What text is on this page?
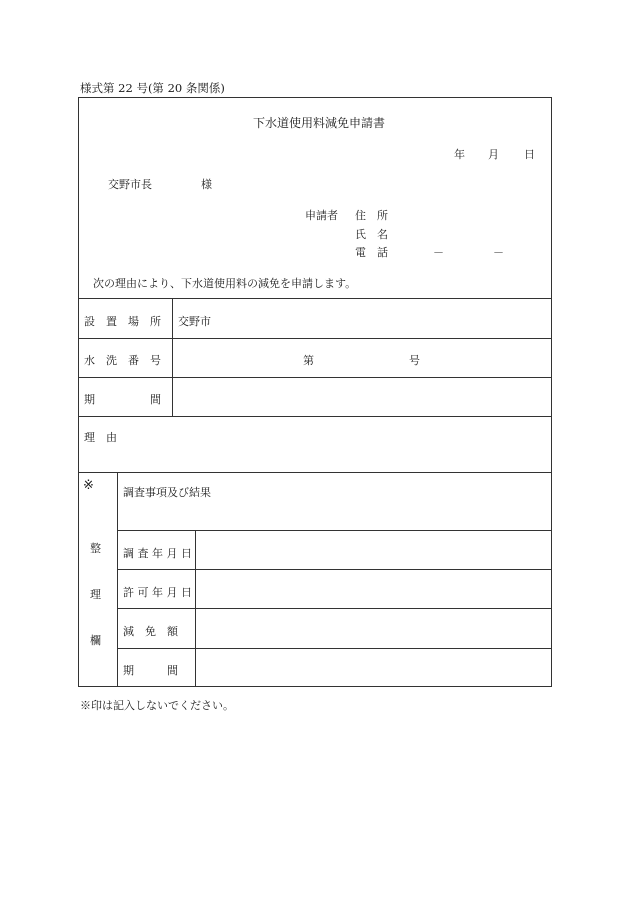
様式第 22 号(第 20 条関係)
下水道使用料減免申請書
年 月 日
交野市長	様
申請者 住　所
氏　名
電　話	－	－
次の理由により、下水道使用料の減免を申請します。
設　置　場　所 交野市
水　洗　番　号	第	号
期　　　　　間
理　由
※
整
理
欄
調査事項及び結果
調 査 年 月 日
許 可 年 月 日
減　免　額
期　　　間
※印は記入しないでください。
